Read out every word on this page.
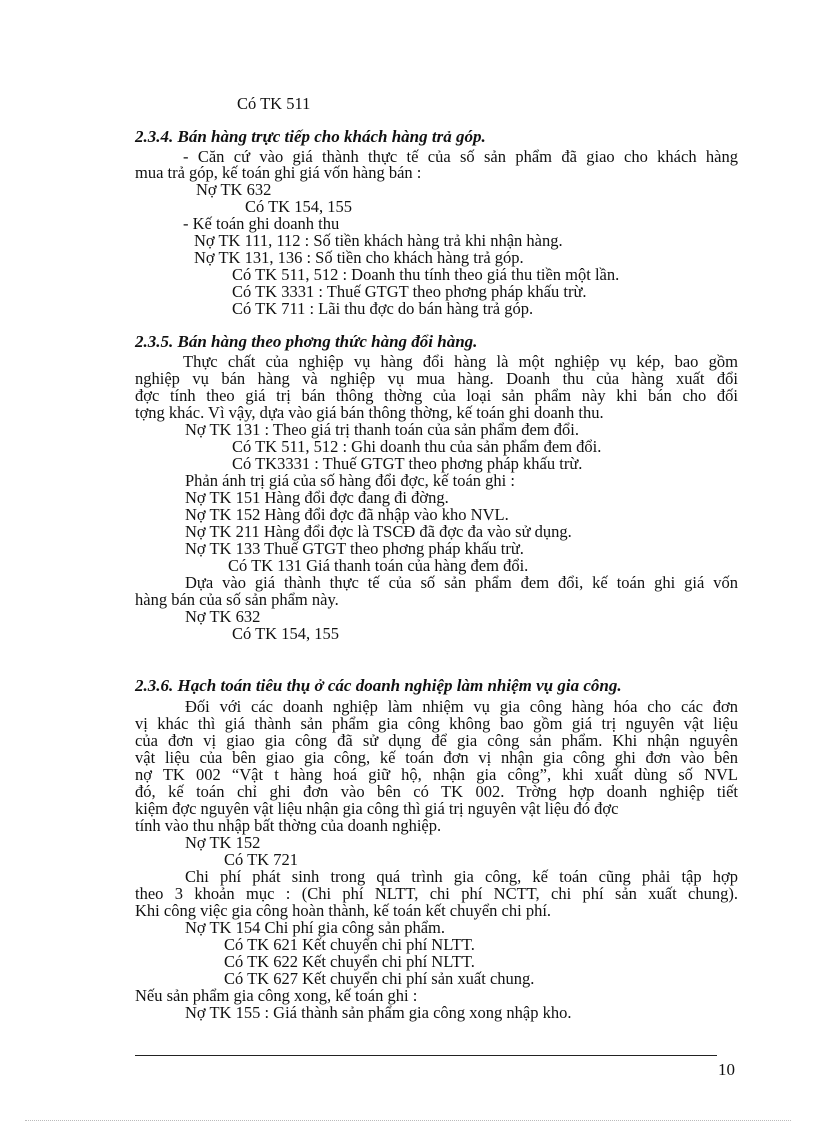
Có TK 511
2.3.4. Bán hàng trực tiếp cho khách hàng trả góp.
- Căn cứ vào giá thành thực tế của số sản phẩm đã giao cho khách hàng
mua trả góp, kế toán ghi giá vốn hàng bán :
Nợ TK 632
Có TK 154, 155
- Kế toán ghi doanh thu
Nợ TK 111, 112 : Số tiền khách hàng trả khi nhận hàng.
Nợ TK 131, 136 : Số tiền cho khách hàng trả góp.
Có TK 511, 512 : Doanh thu tính theo giá thu tiền một lần.
Có TK 3331 : Thuế GTGT theo phơng pháp khấu trừ.
Có TK 711 : Lãi thu đợc do bán hàng trả góp.
2.3.5. Bán hàng theo phơng thức hàng đổi hàng.
Thực chất của nghiệp vụ hàng đổi hàng là một nghiệp vụ kép, bao gồm
nghiệp vụ bán hàng và nghiệp vụ mua hàng. Doanh thu của hàng xuất đổi
đợc tính theo giá trị bán thông thờng của loại sản phẩm này khi bán cho đối
tợng khác. Vì vậy, dựa vào giá bán thông thờng, kế toán ghi doanh thu.
Nợ TK 131 : Theo giá trị thanh toán của sản phẩm đem đổi.
Có TK 511, 512 : Ghi doanh thu của sản phẩm đem đổi.
Có TK3331 : Thuế GTGT theo phơng pháp khấu trừ.
Phản ánh trị giá của số hàng đổi đợc, kế toán ghi :
Nợ TK 151 Hàng đổi đợc đang đi đờng.
Nợ TK 152 Hàng đổi đợc đã nhập vào kho NVL.
Nợ TK 211 Hàng đổi đợc là TSCĐ đã đợc đa vào sử dụng.
Nợ TK 133 Thuế GTGT theo phơng pháp khấu trừ.
Có TK 131 Giá thanh toán của hàng đem đổi.
Dựa vào giá thành thực tế của số sản phẩm đem đổi, kế toán ghi giá vốn
hàng bán của số sản phẩm này.
Nợ TK 632
Có TK 154, 155
2.3.6. Hạch toán tiêu thụ ở các doanh nghiệp làm nhiệm vụ gia công.
Đối với các doanh nghiệp làm nhiệm vụ gia công hàng hóa cho các đơn
vị khác thì giá thành sản phẩm gia công không bao gồm giá trị nguyên vật liệu
của đơn vị giao gia công đã sử dụng để gia công sản phẩm. Khi nhận nguyên
vật liệu của bên giao gia công, kế toán đơn vị nhận gia công ghi đơn vào bên
nợ TK 002 “Vật t hàng hoá giữ hộ, nhận gia công”, khi xuất dùng số NVL
đó, kế toán chỉ ghi đơn vào bên có TK 002. Trờng hợp doanh nghiệp tiết
kiệm đợc nguyên vật liệu nhận gia công thì giá trị nguyên vật liệu đó đợc
tính vào thu nhập bất thờng của doanh nghiệp.
Nợ TK 152
Có TK 721
Chi phí phát sinh trong quá trình gia công, kế toán cũng phải tập hợp
theo 3 khoản mục : (Chi phí NLTT, chi phí NCTT, chi phí sản xuất chung).
Khi công việc gia công hoàn thành, kế toán kết chuyển chi phí.
Nợ TK 154 Chi phí gia công sản phẩm.
Có TK 621 Kết chuyển chi phí NLTT.
Có TK 622 Kết chuyển chi phí NLTT.
Có TK 627 Kết chuyển chi phí sản xuất chung.
Nếu sản phẩm gia công xong, kế toán ghi :
Nợ TK 155 : Giá thành sản phẩm gia công xong nhập kho.
10
